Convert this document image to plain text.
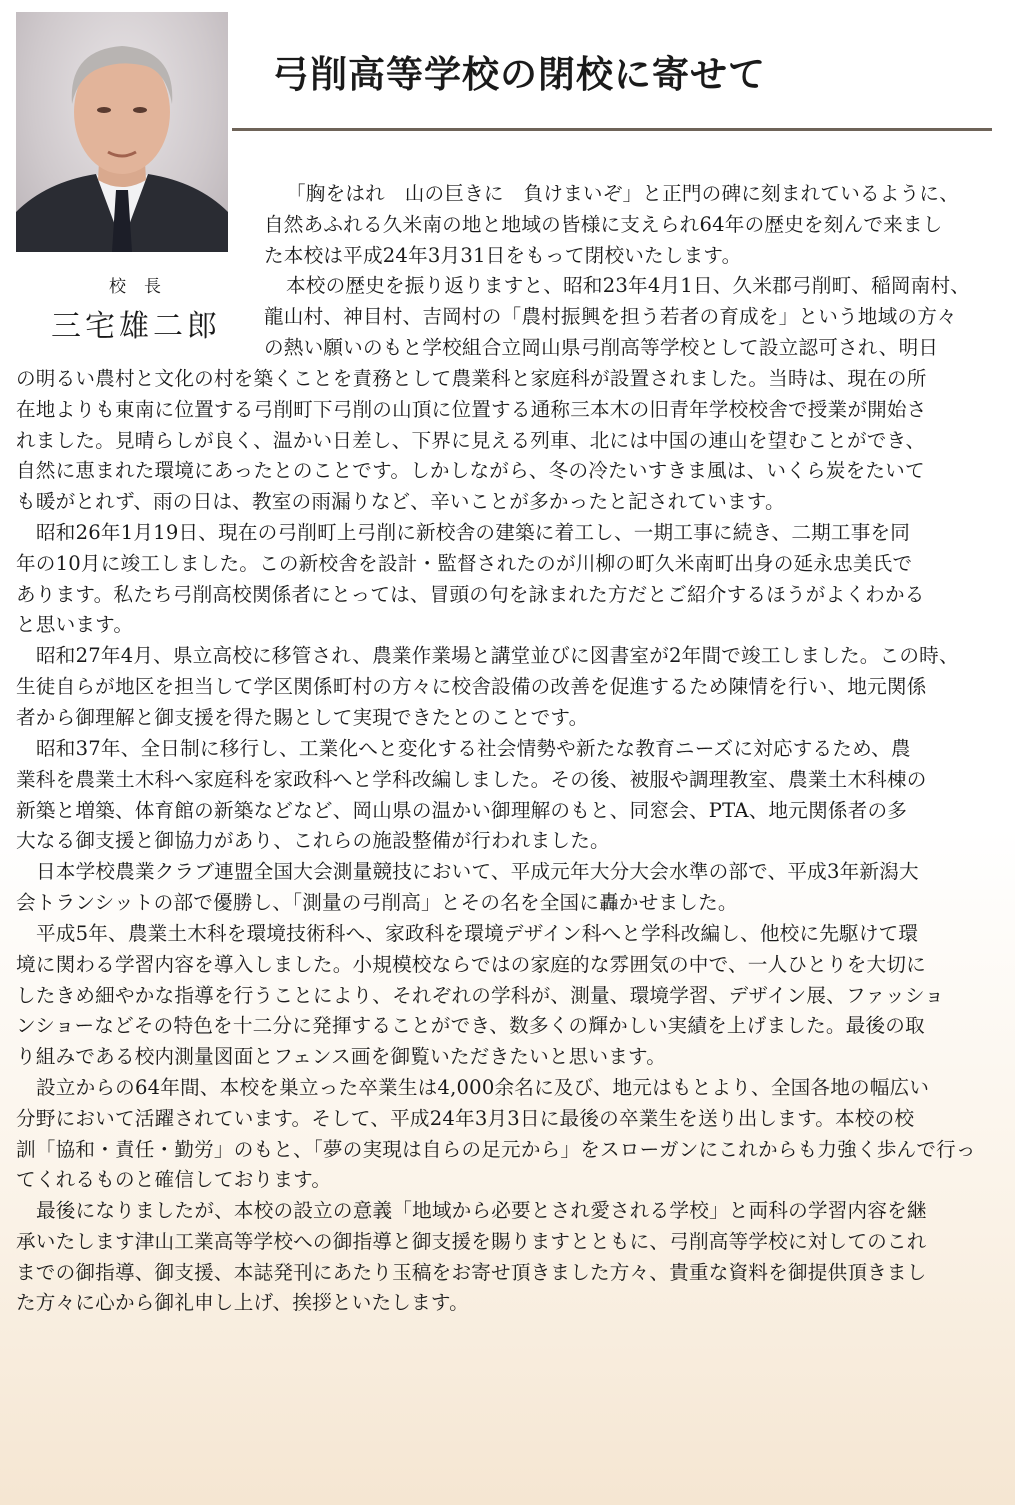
校長
三宅雄二郎
弓削高等学校の閉校に寄せて

「胸をはれ　山の巨きに　負けまいぞ」と正門の碑に刻まれているように、
自然あふれる久米南の地と地域の皆様に支えられ64年の歴史を刻んで来まし
た本校は平成24年3月31日をもって閉校いたします。

本校の歴史を振り返りますと、昭和23年4月1日、久米郡弓削町、稲岡南村、
龍山村、神目村、吉岡村の「農村振興を担う若者の育成を」という地域の方々
の熱い願いのもと学校組合立岡山県弓削高等学校として設立認可され、明日

の明るい農村と文化の村を築くことを責務として農業科と家庭科が設置されました。当時は、現在の所
在地よりも東南に位置する弓削町下弓削の山頂に位置する通称三本木の旧青年学校校舎で授業が開始さ
れました。見晴らしが良く、温かい日差し、下界に見える列車、北には中国の連山を望むことができ、
自然に恵まれた環境にあったとのことです。しかしながら、冬の冷たいすきま風は、いくら炭をたいて
も暖がとれず、雨の日は、教室の雨漏りなど、辛いことが多かったと記されています。

昭和26年1月19日、現在の弓削町上弓削に新校舎の建築に着工し、一期工事に続き、二期工事を同
年の10月に竣工しました。この新校舎を設計・監督されたのが川柳の町久米南町出身の延永忠美氏で
あります。私たち弓削高校関係者にとっては、冒頭の句を詠まれた方だとご紹介するほうがよくわかる
と思います。

昭和27年4月、県立高校に移管され、農業作業場と講堂並びに図書室が2年間で竣工しました。この時、
生徒自らが地区を担当して学区関係町村の方々に校舎設備の改善を促進するため陳情を行い、地元関係
者から御理解と御支援を得た賜として実現できたとのことです。

昭和37年、全日制に移行し、工業化へと変化する社会情勢や新たな教育ニーズに対応するため、農
業科を農業土木科へ家庭科を家政科へと学科改編しました。その後、被服や調理教室、農業土木科棟の
新築と増築、体育館の新築などなど、岡山県の温かい御理解のもと、同窓会、PTA、地元関係者の多
大なる御支援と御協力があり、これらの施設整備が行われました。

日本学校農業クラブ連盟全国大会測量競技において、平成元年大分大会水準の部で、平成3年新潟大
会トランシットの部で優勝し、「測量の弓削高」とその名を全国に轟かせました。

平成5年、農業土木科を環境技術科へ、家政科を環境デザイン科へと学科改編し、他校に先駆けて環
境に関わる学習内容を導入しました。小規模校ならではの家庭的な雰囲気の中で、一人ひとりを大切に
したきめ細やかな指導を行うことにより、それぞれの学科が、測量、環境学習、デザイン展、ファッショ
ンショーなどその特色を十二分に発揮することができ、数多くの輝かしい実績を上げました。最後の取
り組みである校内測量図面とフェンス画を御覧いただきたいと思います。

設立からの64年間、本校を巣立った卒業生は4,000余名に及び、地元はもとより、全国各地の幅広い
分野において活躍されています。そして、平成24年3月3日に最後の卒業生を送り出します。本校の校
訓「協和・責任・勤労」のもと、「夢の実現は自らの足元から」をスローガンにこれからも力強く歩んで行っ
てくれるものと確信しております。

最後になりましたが、本校の設立の意義「地域から必要とされ愛される学校」と両科の学習内容を継
承いたします津山工業高等学校への御指導と御支援を賜りますとともに、弓削高等学校に対してのこれ
までの御指導、御支援、本誌発刊にあたり玉稿をお寄せ頂きました方々、貴重な資料を御提供頂きまし
た方々に心から御礼申し上げ、挨拶といたします。
